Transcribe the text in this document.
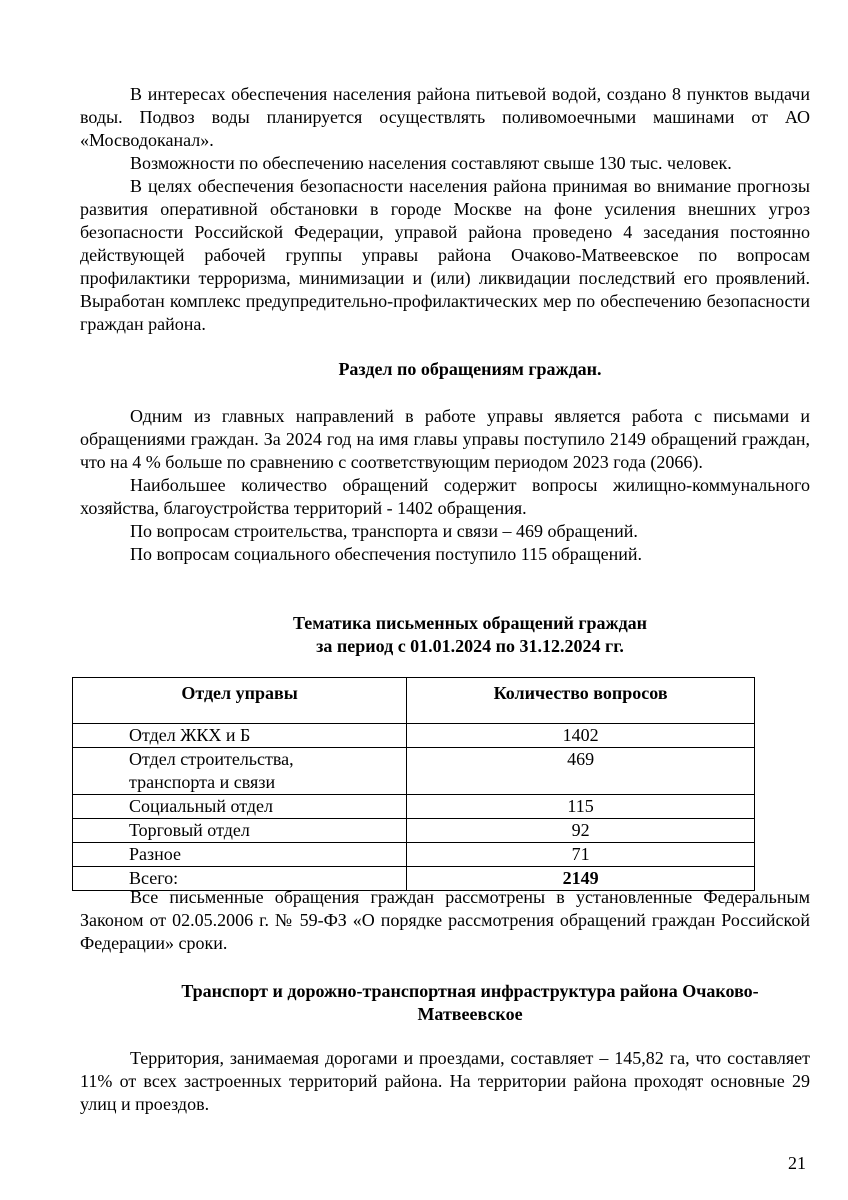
В интересах обеспечения населения района питьевой водой, создано 8 пунктов выдачи воды. Подвоз воды планируется осуществлять поливомоечными машинами от АО «Мосводоканал».

Возможности по обеспечению населения составляют свыше 130 тыс. человек.

В целях обеспечения безопасности населения района принимая во внимание прогнозы развития оперативной обстановки в городе Москве на фоне усиления внешних угроз безопасности Российской Федерации, управой района проведено 4 заседания постоянно действующей рабочей группы управы района Очаково-Матвеевское по вопросам профилактики терроризма, минимизации и (или) ликвидации последствий его проявлений. Выработан комплекс предупредительно-профилактических мер по обеспечению безопасности граждан района.

Раздел по обращениям граждан.

Одним из главных направлений в работе управы является работа с письмами и обращениями граждан. За 2024 год на имя главы управы поступило 2149 обращений граждан, что на 4 % больше по сравнению с соответствующим периодом 2023 года (2066).

Наибольшее количество обращений содержит вопросы жилищно-коммунального хозяйства, благоустройства территорий - 1402 обращения.

По вопросам строительства, транспорта и связи – 469 обращений.

По вопросам социального обеспечения поступило 115 обращений.

Тематика письменных обращений граждан
за период с 01.01.2024 по 31.12.2024 гг.
Отдел управы	Количество вопросов
Отдел ЖКХ и Б	1402
Отдел строительства, транспорта и связи	469
Социальный отдел	115
Торговый отдел	92
Разное	71
Всего:	2149

Все письменные обращения граждан рассмотрены в установленные Федеральным Законом от 02.05.2006 г. № 59-ФЗ «О порядке рассмотрения обращений граждан Российской Федерации» сроки.

Транспорт и дорожно-транспортная инфраструктура района Очаково-
Матвеевское

Территория, занимаемая дорогами и проездами, составляет – 145,82 га, что составляет 11% от всех застроенных территорий района. На территории района проходят основные 29 улиц и проездов.

21
